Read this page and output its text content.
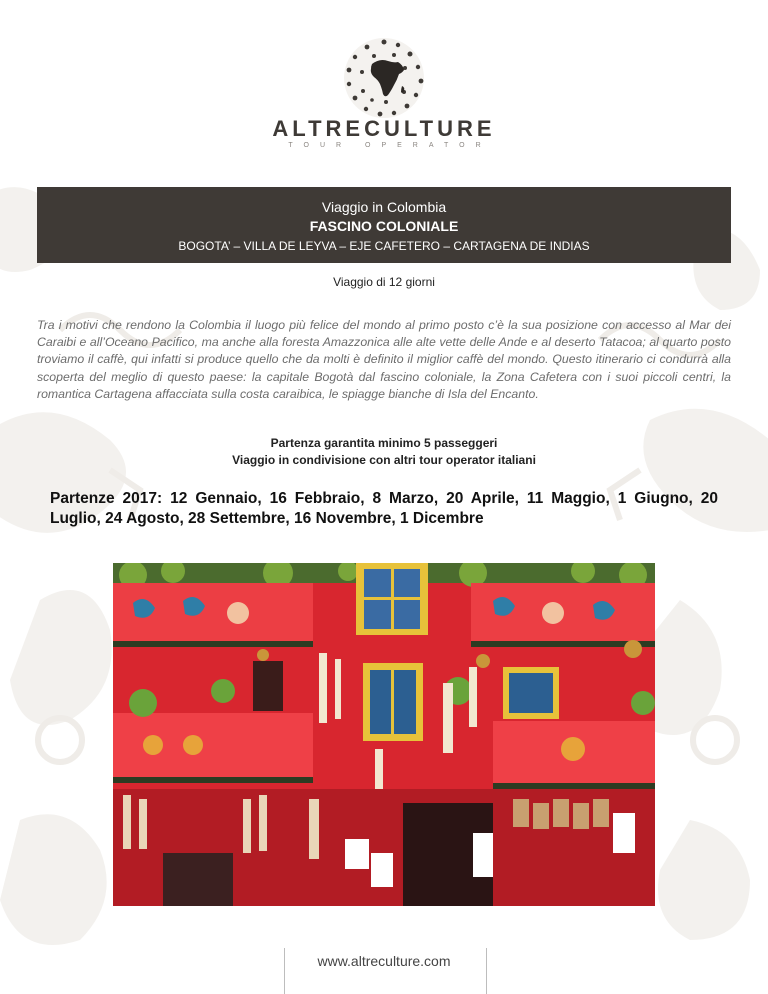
ALTRECULTURE
TOUR OPERATOR
Viaggio in Colombia
FASCINO COLONIALE
BOGOTA’ – VILLA DE LEYVA – EJE CAFETERO – CARTAGENA DE INDIAS
Viaggio di 12 giorni

Tra i motivi che rendono la Colombia il luogo più felice del mondo al primo posto c’è la sua posizione con accesso al Mar dei Caraibi e all’Oceano Pacifico, ma anche alla foresta Amazzonica alle alte vette delle Ande e al deserto Tatacoa; al quarto posto troviamo il caffè, qui infatti si produce quello che da molti è definito il miglior caffè del mondo. Questo itinerario ci condurrà alla scoperta del meglio di questo paese: la capitale Bogotà dal fascino coloniale, la Zona Cafetera con i suoi piccoli centri, la romantica Cartagena affacciata sulla costa caraibica, le spiagge bianche di Isla del Encanto.

Partenza garantita minimo 5 passeggeri
Viaggio in condivisione con altri tour operator italiani

Partenze 2017: 12 Gennaio, 16 Febbraio, 8 Marzo, 20 Aprile, 11 Maggio, 1 Giugno, 20 Luglio, 24 Agosto, 28 Settembre, 16 Novembre, 1 Dicembre

www.altreculture.com
